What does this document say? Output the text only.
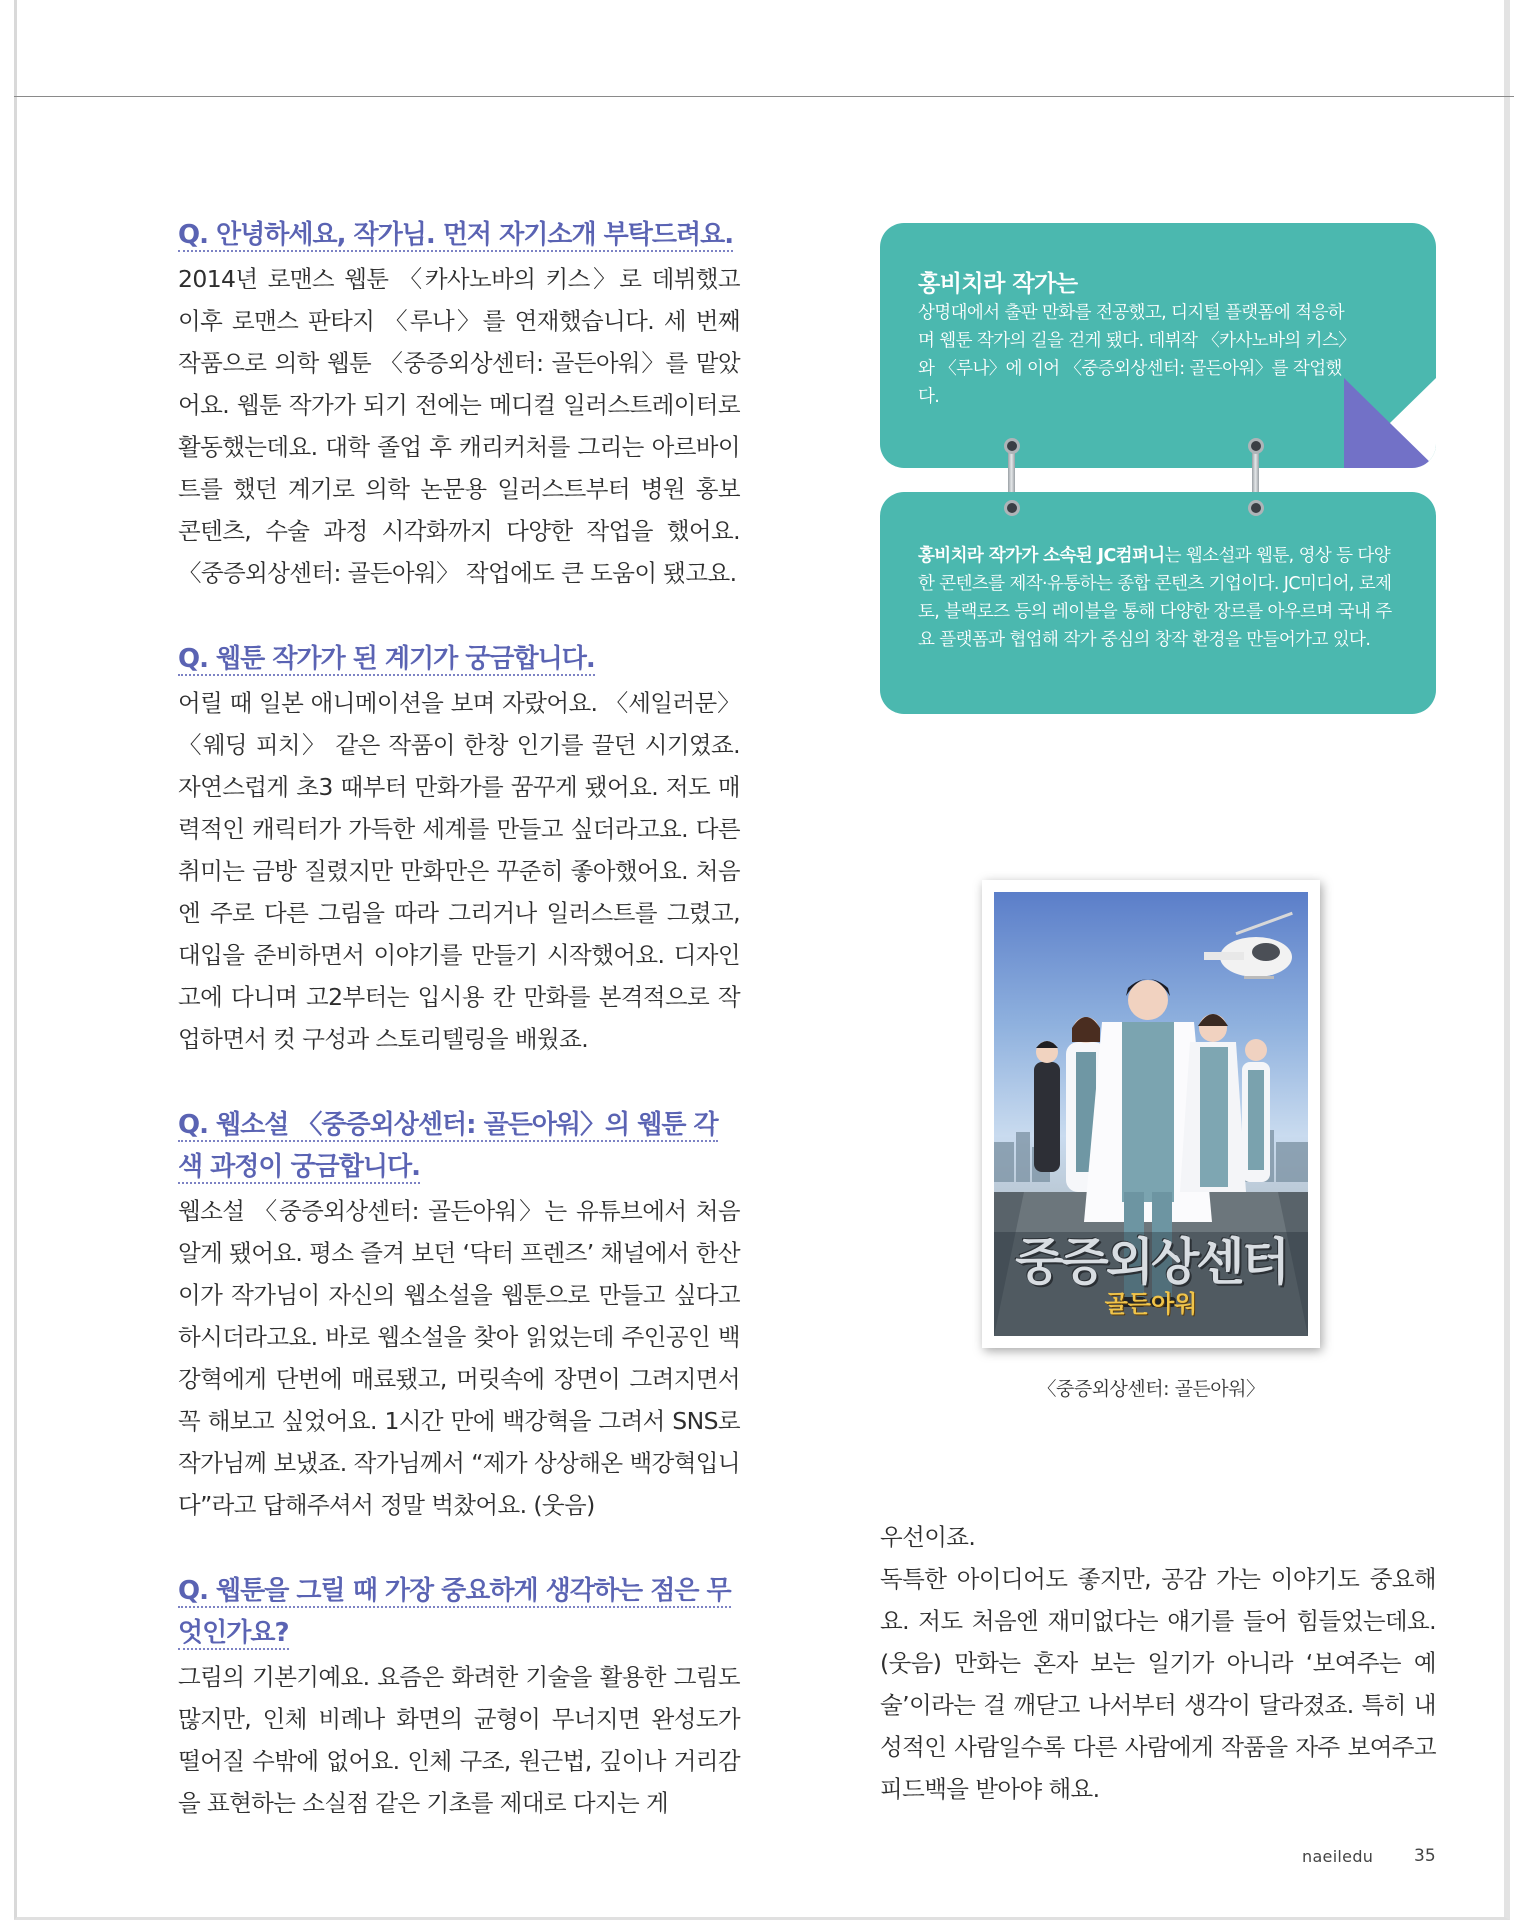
Q. 안녕하세요, 작가님. 먼저 자기소개 부탁드려요.

2014년 로맨스 웹툰 〈카사노바의 키스〉로 데뷔했고 이후 로맨스 판타지 〈루나〉를 연재했습니다. 세 번째 작품으로 의학 웹툰 〈중증외상센터: 골든아워〉를 맡았어요. 웹툰 작가가 되기 전에는 메디컬 일러스트레이터로 활동했는데요. 대학 졸업 후 캐리커처를 그리는 아르바이트를 했던 계기로 의학 논문용 일러스트부터 병원 홍보 콘텐츠, 수술 과정 시각화까지 다양한 작업을 했어요. 〈중증외상센터: 골든아워〉 작업에도 큰 도움이 됐고요.

Q. 웹툰 작가가 된 계기가 궁금합니다.

어릴 때 일본 애니메이션을 보며 자랐어요. 〈세일러문〉 〈웨딩 피치〉 같은 작품이 한창 인기를 끌던 시기였죠. 자연스럽게 초3 때부터 만화가를 꿈꾸게 됐어요. 저도 매력적인 캐릭터가 가득한 세계를 만들고 싶더라고요. 다른 취미는 금방 질렸지만 만화만은 꾸준히 좋아했어요. 처음엔 주로 다른 그림을 따라 그리거나 일러스트를 그렸고, 대입을 준비하면서 이야기를 만들기 시작했어요. 디자인고에 다니며 고2부터는 입시용 칸 만화를 본격적으로 작업하면서 컷 구성과 스토리텔링을 배웠죠.

Q. 웹소설 〈중증외상센터: 골든아워〉의 웹툰 각색 과정이 궁금합니다.

웹소설 〈중증외상센터: 골든아워〉는 유튜브에서 처음 알게 됐어요. 평소 즐겨 보던 ‘닥터 프렌즈’ 채널에서 한산이가 작가님이 자신의 웹소설을 웹툰으로 만들고 싶다고 하시더라고요. 바로 웹소설을 찾아 읽었는데 주인공인 백강혁에게 단번에 매료됐고, 머릿속에 장면이 그려지면서 꼭 해보고 싶었어요. 1시간 만에 백강혁을 그려서 SNS로 작가님께 보냈죠. 작가님께서 “제가 상상해온 백강혁입니다”라고 답해주셔서 정말 벅찼어요. (웃음)

Q. 웹툰을 그릴 때 가장 중요하게 생각하는 점은 무엇인가요?

그림의 기본기예요. 요즘은 화려한 기술을 활용한 그림도 많지만, 인체 비례나 화면의 균형이 무너지면 완성도가 떨어질 수밖에 없어요. 인체 구조, 원근법, 깊이나 거리감을 표현하는 소실점 같은 기초를 제대로 다지는 게

홍비치라 작가는
상명대에서 출판 만화를 전공했고, 디지털 플랫폼에 적응하며 웹툰 작가의 길을 걷게 됐다. 데뷔작 〈카사노바의 키스〉와 〈루나〉에 이어 〈중증외상센터: 골든아워〉를 작업했다.
홍비치라 작가가 소속된 JC컴퍼니는 웹소설과 웹툰, 영상 등 다양한 콘텐츠를 제작·유통하는 종합 콘텐츠 기업이다. JC미디어, 로제토, 블랙로즈 등의 레이블을 통해 다양한 장르를 아우르며 국내 주요 플랫폼과 협업해 작가 중심의 창작 환경을 만들어가고 있다.
중증외상센터
골든아워
〈중증외상센터: 골든아워〉

우선이죠.
독특한 아이디어도 좋지만, 공감 가는 이야기도 중요해요. 저도 처음엔 재미없다는 얘기를 들어 힘들었는데요. (웃음) 만화는 혼자 보는 일기가 아니라 ‘보여주는 예술’이라는 걸 깨닫고 나서부터 생각이 달라졌죠. 특히 내성적인 사람일수록 다른 사람에게 작품을 자주 보여주고 피드백을 받아야 해요.

naeiledu 35
